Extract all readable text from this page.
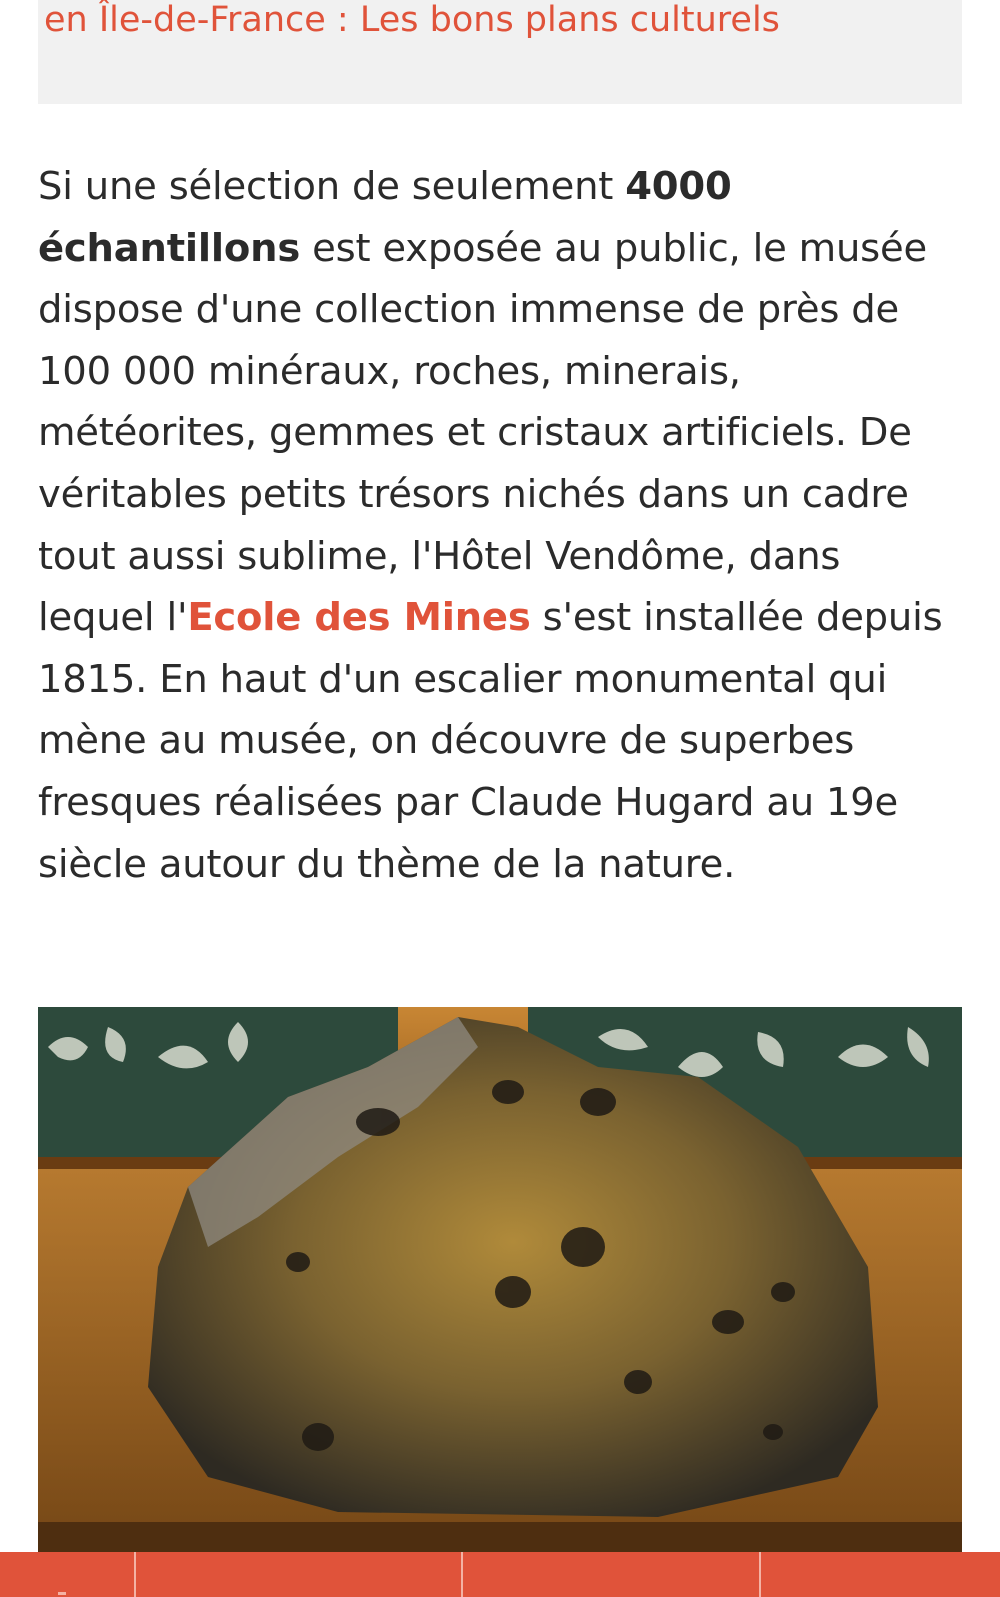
en Île-de-France : Les bons plans culturels
Si une sélection de seulement 4000 échantillons est exposée au public, le musée dispose d'une collection immense de près de 100 000 minéraux, roches, minerais, météorites, gemmes et cristaux artificiels. De véritables petits trésors nichés dans un cadre tout aussi sublime, l'Hôtel Vendôme, dans lequel l'Ecole des Mines s'est installée depuis 1815. En haut d'un escalier monumental qui mène au musée, on découvre de superbes fresques réalisées par Claude Hugard au 19e siècle autour du thème de la nature.
